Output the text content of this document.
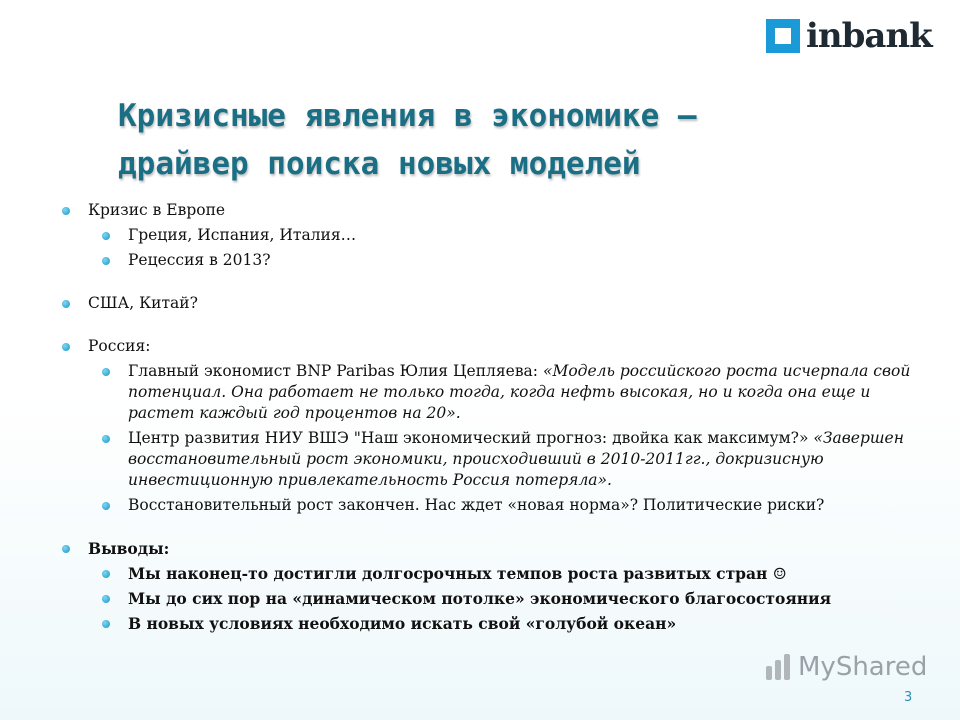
inbank
Кризисные явления в экономике –
драйвер поиска новых моделей
Кризис в Европе
Греция, Испания, Италия…
Рецессия в 2013?
США, Китай?
Россия:
Главный экономист BNP Paribas Юлия Цепляева: «Модель российского роста исчерпала свой потенциал. Она работает не только тогда, когда нефть высокая, но и когда она еще и растет каждый год процентов на 20».
Центр развития НИУ ВШЭ "Наш экономический прогноз: двойка как максимум?» «Завершен восстановительный рост экономики, происходивший в 2010-2011гг., докризисную инвестиционную привлекательность Россия потеряла».
Восстановительный рост закончен. Нас ждет «новая норма»? Политические риски?
Выводы:
Мы наконец-то достигли долгосрочных темпов роста развитых стран ☺
Мы до сих пор на «динамическом потолке» экономического благосостояния
В новых условиях необходимо искать свой «голубой океан»
MyShared
3
